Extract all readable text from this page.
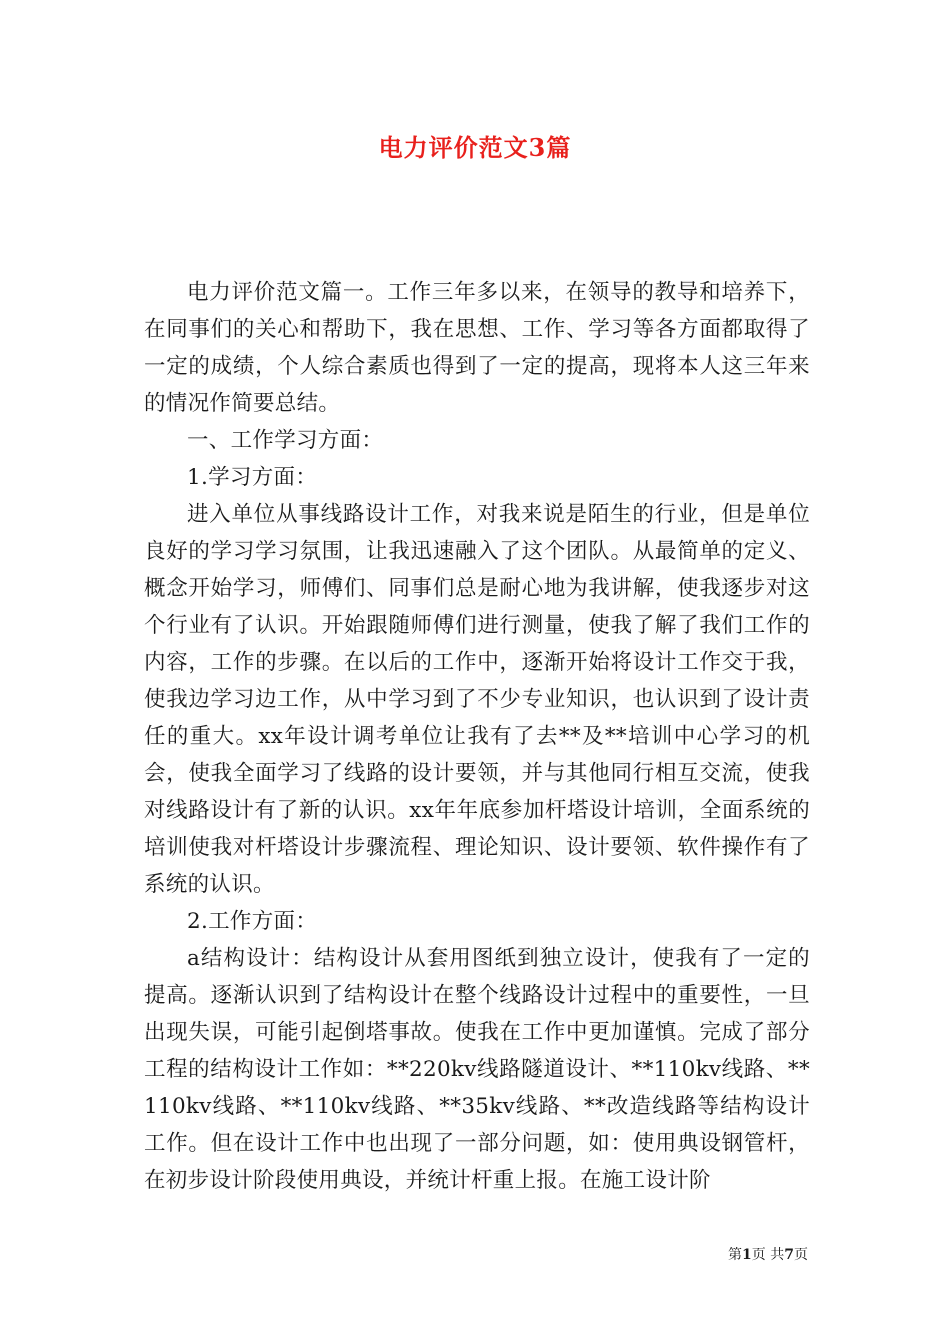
电力评价范文3篇

电力评价范文篇一。工作三年多以来，在领导的教导和培养下，在同事们的关心和帮助下，我在思想、工作、学习等各方面都取得了一定的成绩，个人综合素质也得到了一定的提高，现将本人这三年来的情况作简要总结。

一、工作学习方面：

1.学习方面：

进入单位从事线路设计工作，对我来说是陌生的行业，但是单位良好的学习学习氛围，让我迅速融入了这个团队。从最简单的定义、概念开始学习，师傅们、同事们总是耐心地为我讲解，使我逐步对这个行业有了认识。开始跟随师傅们进行测量，使我了解了我们工作的内容，工作的步骤。在以后的工作中，逐渐开始将设计工作交于我，使我边学习边工作，从中学习到了不少专业知识，也认识到了设计责任的重大。xx年设计调考单位让我有了去**及**培训中心学习的机会，使我全面学习了线路的设计要领，并与其他同行相互交流，使我对线路设计有了新的认识。xx年年底参加杆塔设计培训，全面系统的培训使我对杆塔设计步骤流程、理论知识、设计要领、软件操作有了系统的认识。

2.工作方面：

a结构设计：结构设计从套用图纸到独立设计，使我有了一定的提高。逐渐认识到了结构设计在整个线路设计过程中的重要性，一旦出现失误，可能引起倒塔事故。使我在工作中更加谨慎。完成了部分工程的结构设计工作如：**220kv线路隧道设计、**110kv线路、**110kv线路、**110kv线路、**35kv线路、**改造线路等结构设计工作。但在设计工作中也出现了一部分问题，如：使用典设钢管杆，在初步设计阶段使用典设，并统计杆重上报。在施工设计阶

第1页 共7页
